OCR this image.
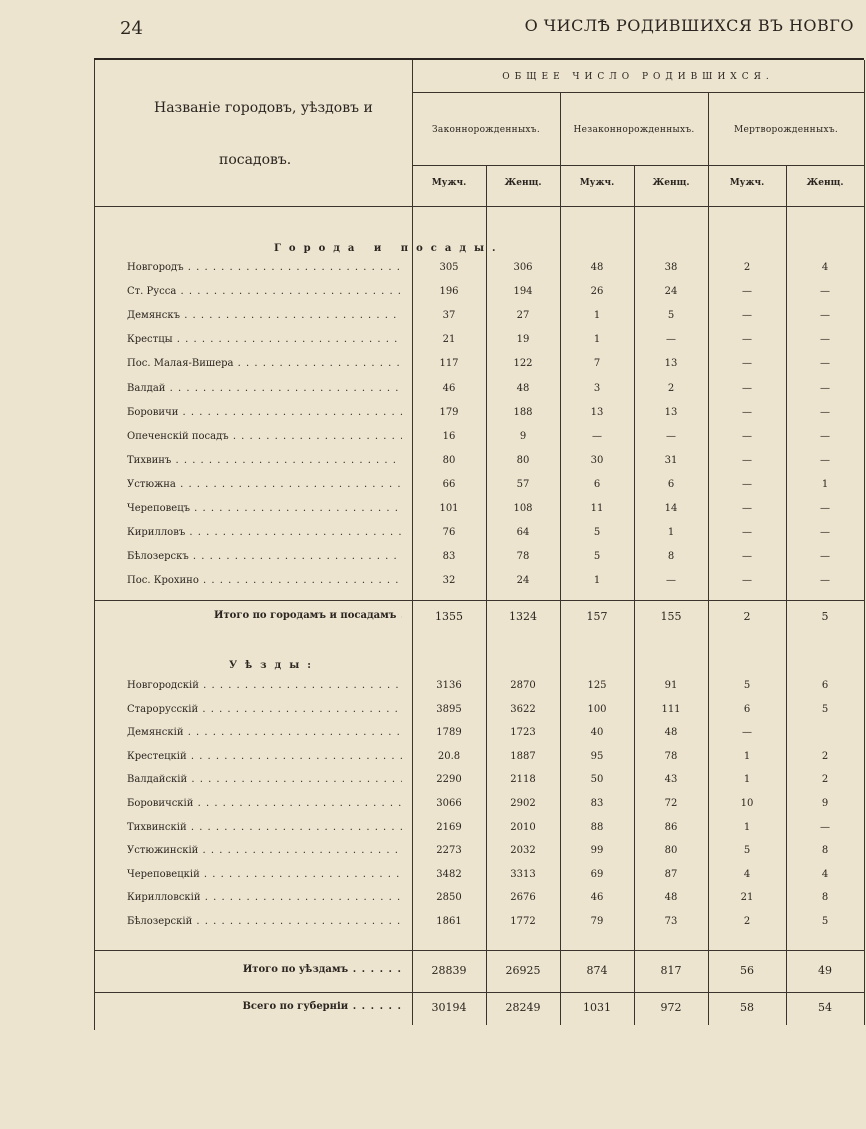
24	О ЧИСЛѢ РОДИВШИХСЯ ВЪ НОВГО
Названіе городовъ, уѣздовъ и
посадовъ.
ОБЩЕЕ ЧИСЛО РОДИВШИХСЯ.
Законнорожденныхъ.	Незаконнорожденныхъ.	Мертворожденныхъ.
Мужч.	Женщ.	Мужч.	Женщ.	Мужч.	Женщ.
Города и посады.
Новгородъ . . .	305	306	48	38	2	4
Ст. Русса . . .	196	194	26	24	—	—
Демянскъ . . .	37	27	1	5	—	—
Крестцы . . .	21	19	1	—	—	—
Пос. Малая-Вишера . . .	117	122	7	13	—	—
Валдай . . .	46	48	3	2	—	—
Боровичи . . .	179	188	13	13	—	—
Опеченскій посадъ . . .	16	9	—	—	—	—
Тихвинъ . . .	80	80	30	31	—	—
Устюжна . . .	66	57	6	6	—	1
Череповецъ . . .	101	108	11	14	—	—
Кирилловъ . . .	76	64	5	1	—	—
Бѣлозерскъ . . .	83	78	5	8	—	—
Пос. Крохино . . .	32	24	1	—	—	—
Итого по городамъ и посадамъ . . .	1355	1324	157	155	2	5
Уѣзды:
Новгородскій . . .	3136	2870	125	91	5	6
Старорусскій . . .	3895	3622	100	111	6	5
Демянскій . . .	1789	1723	40	48	—
Крестецкій . . .	20.8	1887	95	78	1	2
Валдайскій . . .	2290	2118	50	43	1	2
Боровичскій . . .	3066	2902	83	72	10	9
Тихвинскій . . .	2169	2010	88	86	1	—
Устюжинскій . . .	2273	2032	99	80	5	8
Череповецкій . . .	3482	3313	69	87	4	4
Кирилловскій . . .	2850	2676	46	48	21	8
Бѣлозерскій . . .	1861	1772	79	73	2	5
Итого по уѣздамъ . . .	28839	26925	874	817	56	49
Всего по губерніи . . .	30194	28249	1031	972	58	54
